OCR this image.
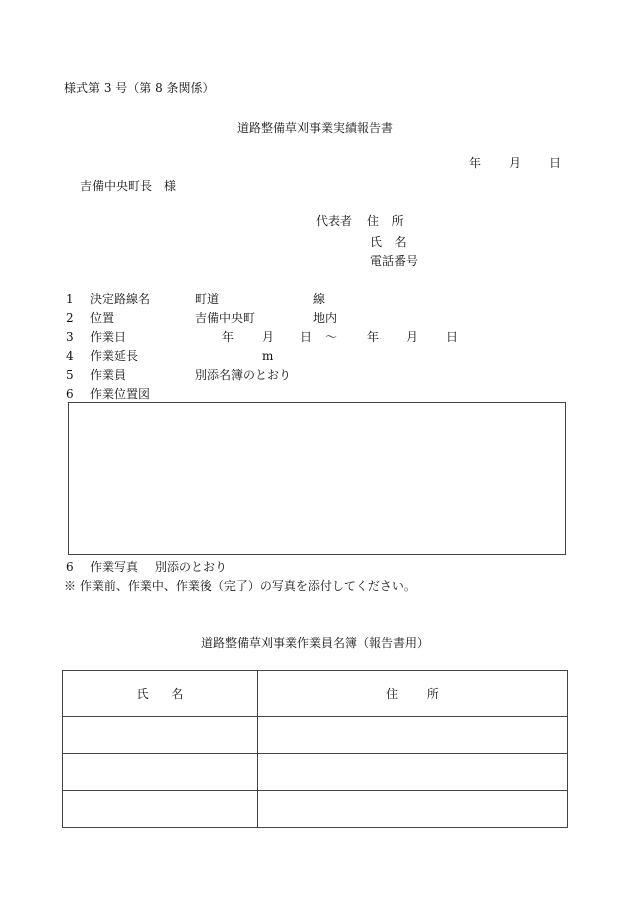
様式第 3 号（第 8 条関係）
道路整備草刈事業実績報告書
年 月 日
吉備中央町長　様
代表者 住所
氏名
電話番号
1 決定路線名	町道	線
2 位置	吉備中央町	地内
3 作業日	年 月 日 ～ 年 月 日
4 作業延長	m
5 作業員	別添名簿のとおり
6 作業位置図
6 作業写真 別添のとおり
※ 作業前、作業中、作業後（完了）の写真を添付してください。
道路整備草刈事業作業員名簿（報告書用）
氏名	住所
